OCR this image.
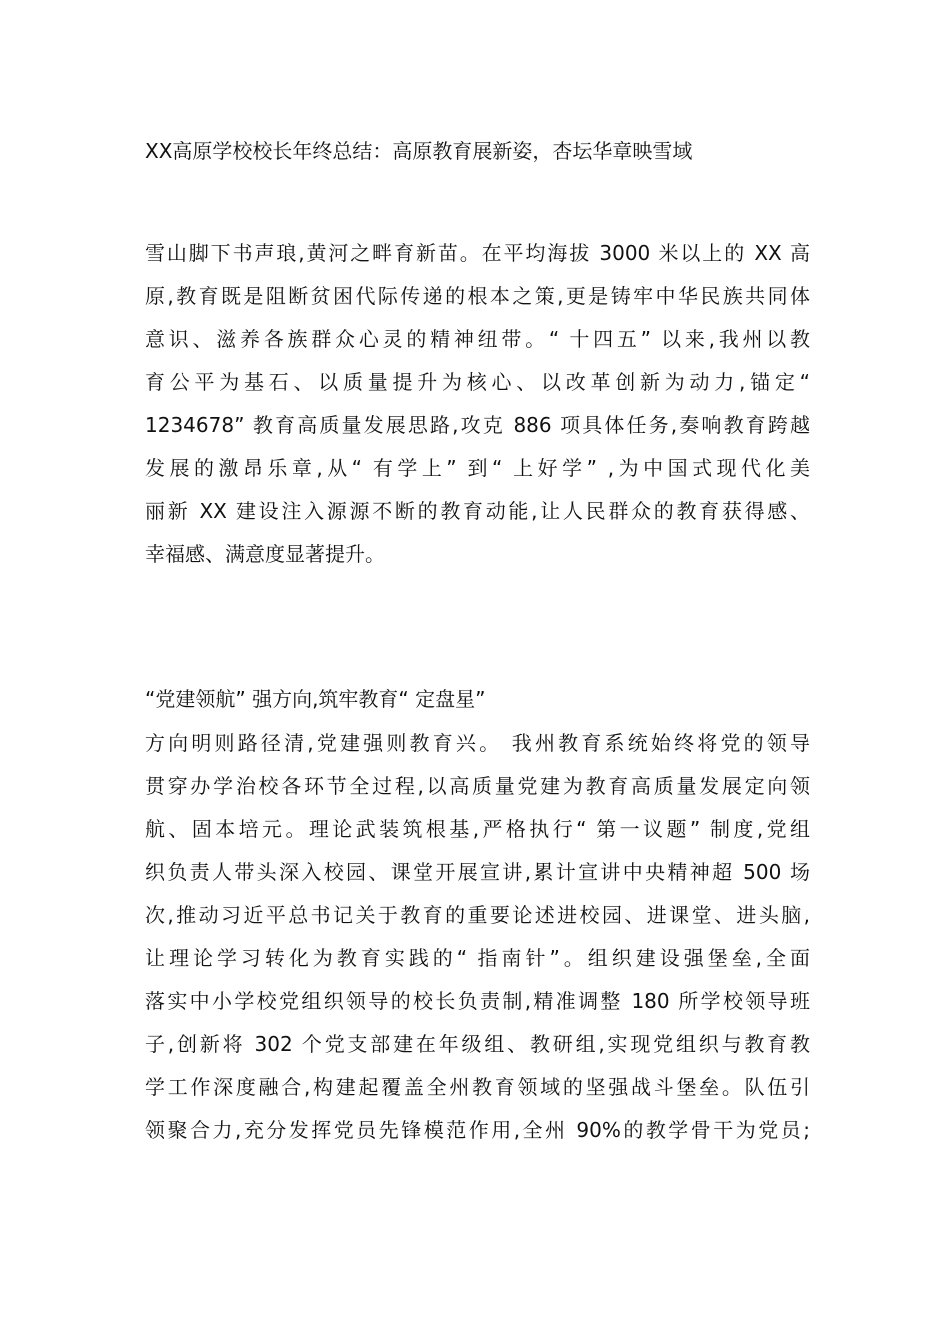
XX高原学校校长年终总结：高原教育展新姿，杏坛华章映雪域
雪山脚下书声琅,黄河之畔育新苗。在平均海拔 3000 米以上的 XX 高
原,教育既是阻断贫困代际传递的根本之策,更是铸牢中华民族共同体
意识、滋养各族群众心灵的精神纽带。“ 十四五” 以来,我州以教
育公平为基石、以质量提升为核心、以改革创新为动力,锚定“
1234678” 教育高质量发展思路,攻克 886 项具体任务,奏响教育跨越
发展的激昂乐章,从“ 有学上” 到“ 上好学” ,为中国式现代化美
丽新 XX 建设注入源源不断的教育动能,让人民群众的教育获得感、
幸福感、满意度显著提升。
“党建领航” 强方向,筑牢教育“ 定盘星”
方向明则路径清,党建强则教育兴。 我州教育系统始终将党的领导
贯穿办学治校各环节全过程,以高质量党建为教育高质量发展定向领
航、固本培元。理论武装筑根基,严格执行“ 第一议题” 制度,党组
织负责人带头深入校园、课堂开展宣讲,累计宣讲中央精神超 500 场
次,推动习近平总书记关于教育的重要论述进校园、进课堂、进头脑,
让理论学习转化为教育实践的“ 指南针”。组织建设强堡垒,全面
落实中小学校党组织领导的校长负责制,精准调整 180 所学校领导班
子,创新将 302 个党支部建在年级组、教研组,实现党组织与教育教
学工作深度融合,构建起覆盖全州教育领域的坚强战斗堡垒。队伍引
领聚合力,充分发挥党员先锋模范作用,全州 90%的教学骨干为党员;
